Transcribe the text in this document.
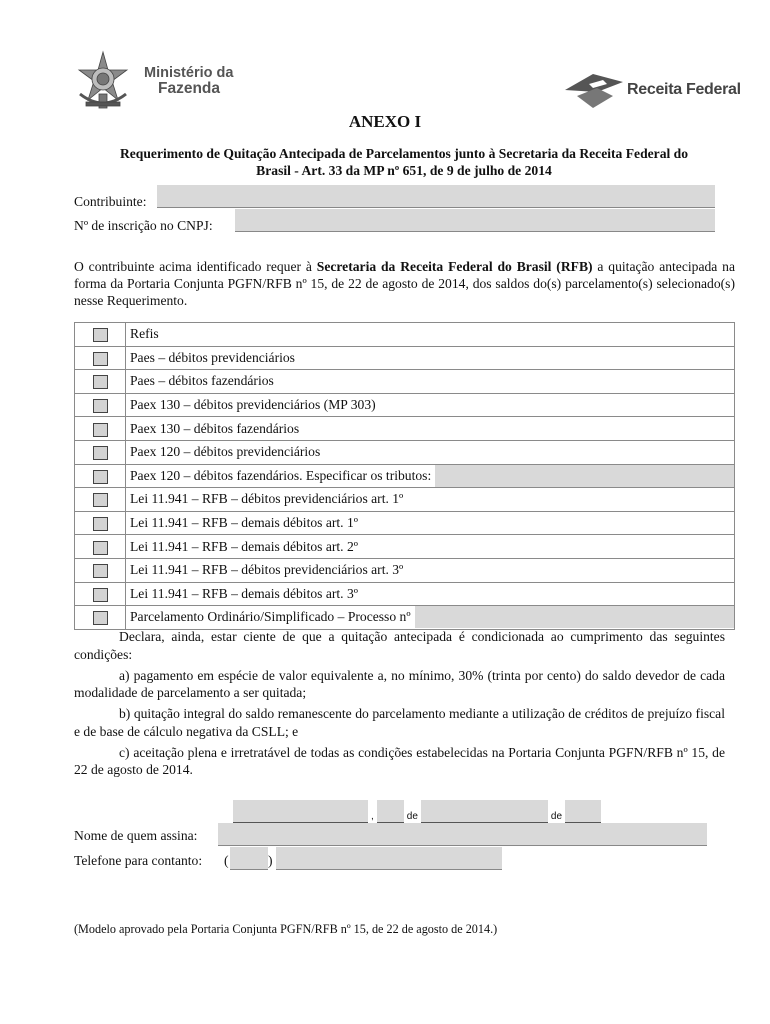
Ministério da
Fazenda	Receita Federal
ANEXO I
Requerimento de Quitação Antecipada de Parcelamentos junto à Secretaria da Receita Federal do
Brasil - Art. 33 da MP nº 651, de 9 de julho de 2014
Contribuinte:
Nº de inscrição no CNPJ:
O contribuinte acima identificado requer à Secretaria da Receita Federal do Brasil (RFB) a quitação antecipada na forma da Portaria Conjunta PGFN/RFB nº 15, de 22 de agosto de 2014, dos saldos do(s) parcelamento(s) selecionado(s) nesse Requerimento.

	Refis

	Paes – débitos previdenciários

	Paes – débitos fazendários

	Paex 130 – débitos previdenciários (MP 303)

	Paex 130 – débitos fazendários

	Paex 120 – débitos previdenciários

	Paex 120 – débitos fazendários. Especificar os tributos:

	Lei 11.941 – RFB – débitos previdenciários art. 1º

	Lei 11.941 – RFB – demais débitos art. 1º

	Lei 11.941 – RFB – demais débitos art. 2º

	Lei 11.941 – RFB – débitos previdenciários art. 3º

	Lei 11.941 – RFB – demais débitos art. 3º

	Parcelamento Ordinário/Simplificado – Processo nº

Declara, ainda, estar ciente de que a quitação antecipada é condicionada ao cumprimento das seguintes condições:

a) pagamento em espécie de valor equivalente a, no mínimo, 30% (trinta por cento) do saldo devedor de cada modalidade de parcelamento a ser quitada;

b) quitação integral do saldo remanescente do parcelamento mediante a utilização de créditos de prejuízo fiscal e de base de cálculo negativa da CSLL; e

c) aceitação plena e irretratável de todas as condições estabelecidas na Portaria Conjunta PGFN/RFB nº 15, de 22 de agosto de 2014.

,	de	de
Nome de quem assina:
Telefone para contanto: (	)
(Modelo aprovado pela Portaria Conjunta PGFN/RFB nº 15, de 22 de agosto de 2014.)
